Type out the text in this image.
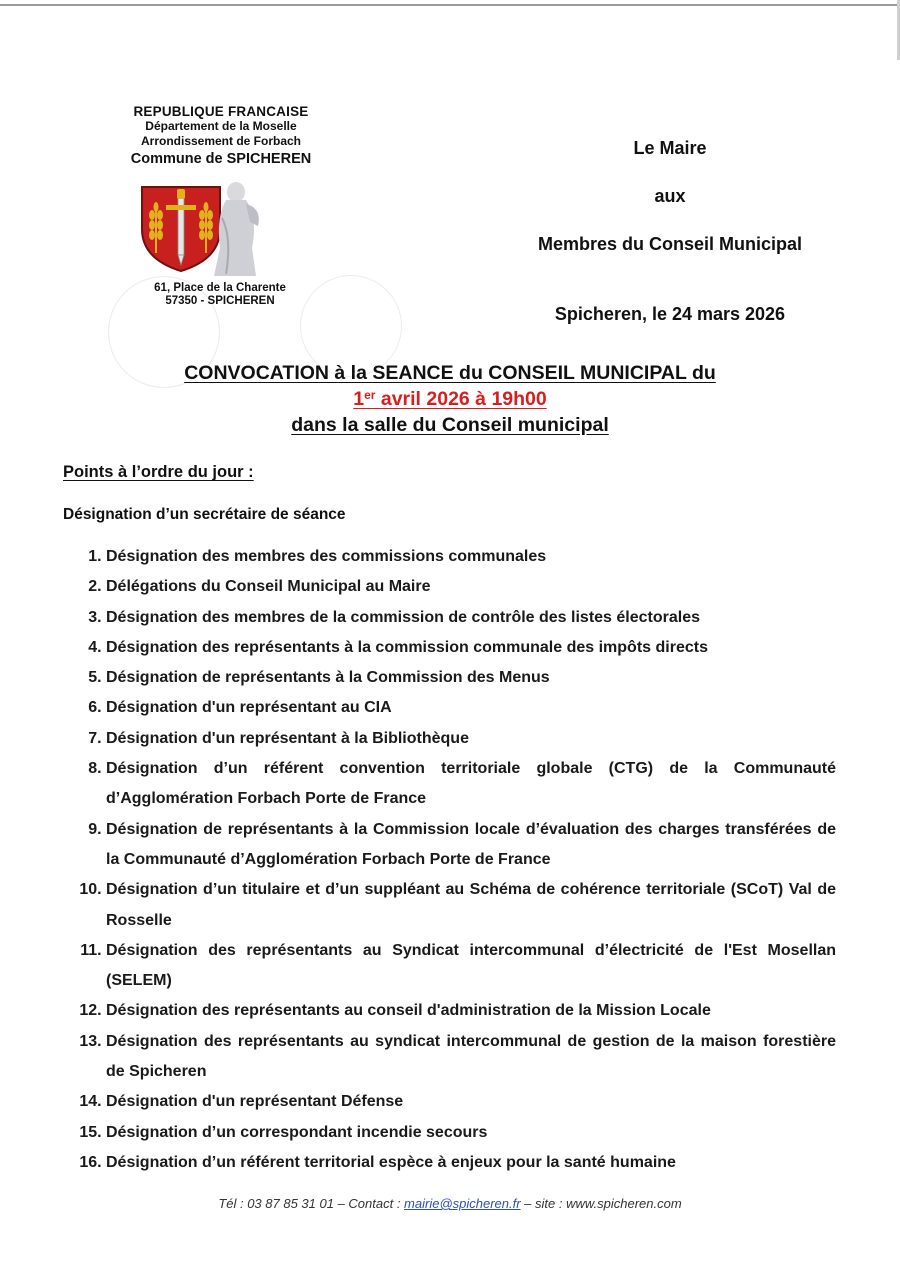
REPUBLIQUE FRANCAISE
Département de la Moselle
Arrondissement de Forbach
Commune de SPICHEREN
61, Place de la Charente
57350 - SPICHEREN
Le Maire
aux
Membres du Conseil Municipal
Spicheren, le 24 mars 2026
CONVOCATION à la SEANCE du CONSEIL MUNICIPAL du
1er avril 2026 à 19h00
dans la salle du Conseil municipal
Points à l’ordre du jour :
Désignation d’un secrétaire de séance
1. Désignation des membres des commissions communales
2. Délégations du Conseil Municipal au Maire
3. Désignation des membres de la commission de contrôle des listes électorales
4. Désignation des représentants à la commission communale des impôts directs
5. Désignation de représentants à la Commission des Menus
6. Désignation d'un représentant au CIA
7. Désignation d'un représentant à la Bibliothèque
8. Désignation d’un référent convention territoriale globale (CTG) de la Communauté d’Agglomération Forbach Porte de France
9. Désignation de représentants à la Commission locale d’évaluation des charges transférées de la Communauté d’Agglomération Forbach Porte de France
10. Désignation d’un titulaire et d’un suppléant au Schéma de cohérence territoriale (SCoT) Val de Rosselle
11. Désignation des représentants au Syndicat intercommunal d’électricité de l'Est Mosellan (SELEM)
12. Désignation des représentants au conseil d'administration de la Mission Locale
13. Désignation des représentants au syndicat intercommunal de gestion de la maison forestière de Spicheren
14. Désignation d'un représentant Défense
15. Désignation d’un correspondant incendie secours
16. Désignation d’un référent territorial espèce à enjeux pour la santé humaine
Tél : 03 87 85 31 01 – Contact : mairie@spicheren.fr – site : www.spicheren.com
